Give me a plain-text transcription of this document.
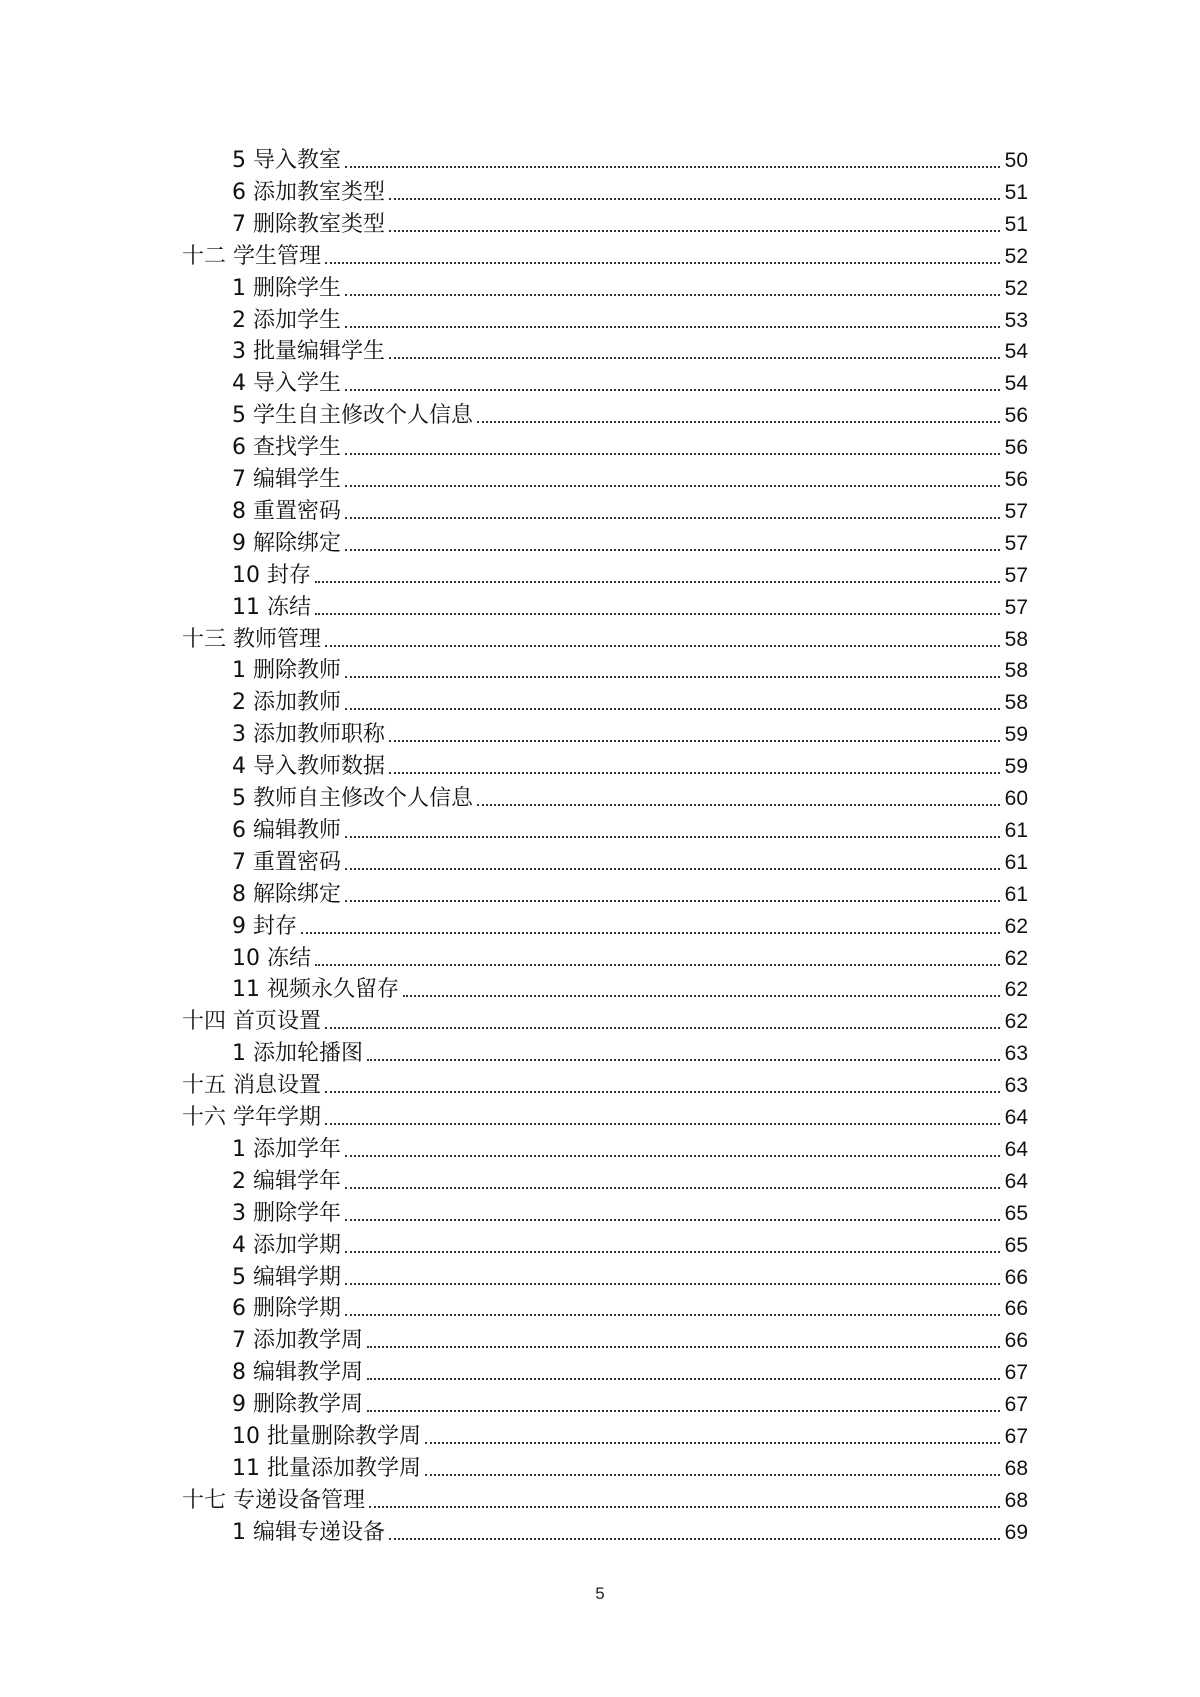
5 导入教室	50
6 添加教室类型	51
7 删除教室类型	51
十二 学生管理	52
1 删除学生	52
2 添加学生	53
3 批量编辑学生	54
4 导入学生	54
5 学生自主修改个人信息	56
6 查找学生	56
7 编辑学生	56
8 重置密码	57
9 解除绑定	57
10 封存	57
11 冻结	57
十三 教师管理	58
1 删除教师	58
2 添加教师	58
3 添加教师职称	59
4 导入教师数据	59
5 教师自主修改个人信息	60
6 编辑教师	61
7 重置密码	61
8 解除绑定	61
9 封存	62
10 冻结	62
11 视频永久留存	62
十四 首页设置	62
1 添加轮播图	63
十五 消息设置	63
十六 学年学期	64
1 添加学年	64
2 编辑学年	64
3 删除学年	65
4 添加学期	65
5 编辑学期	66
6 删除学期	66
7 添加教学周	66
8 编辑教学周	67
9 删除教学周	67
10 批量删除教学周	67
11 批量添加教学周	68
十七 专递设备管理	68
1 编辑专递设备	69
5
